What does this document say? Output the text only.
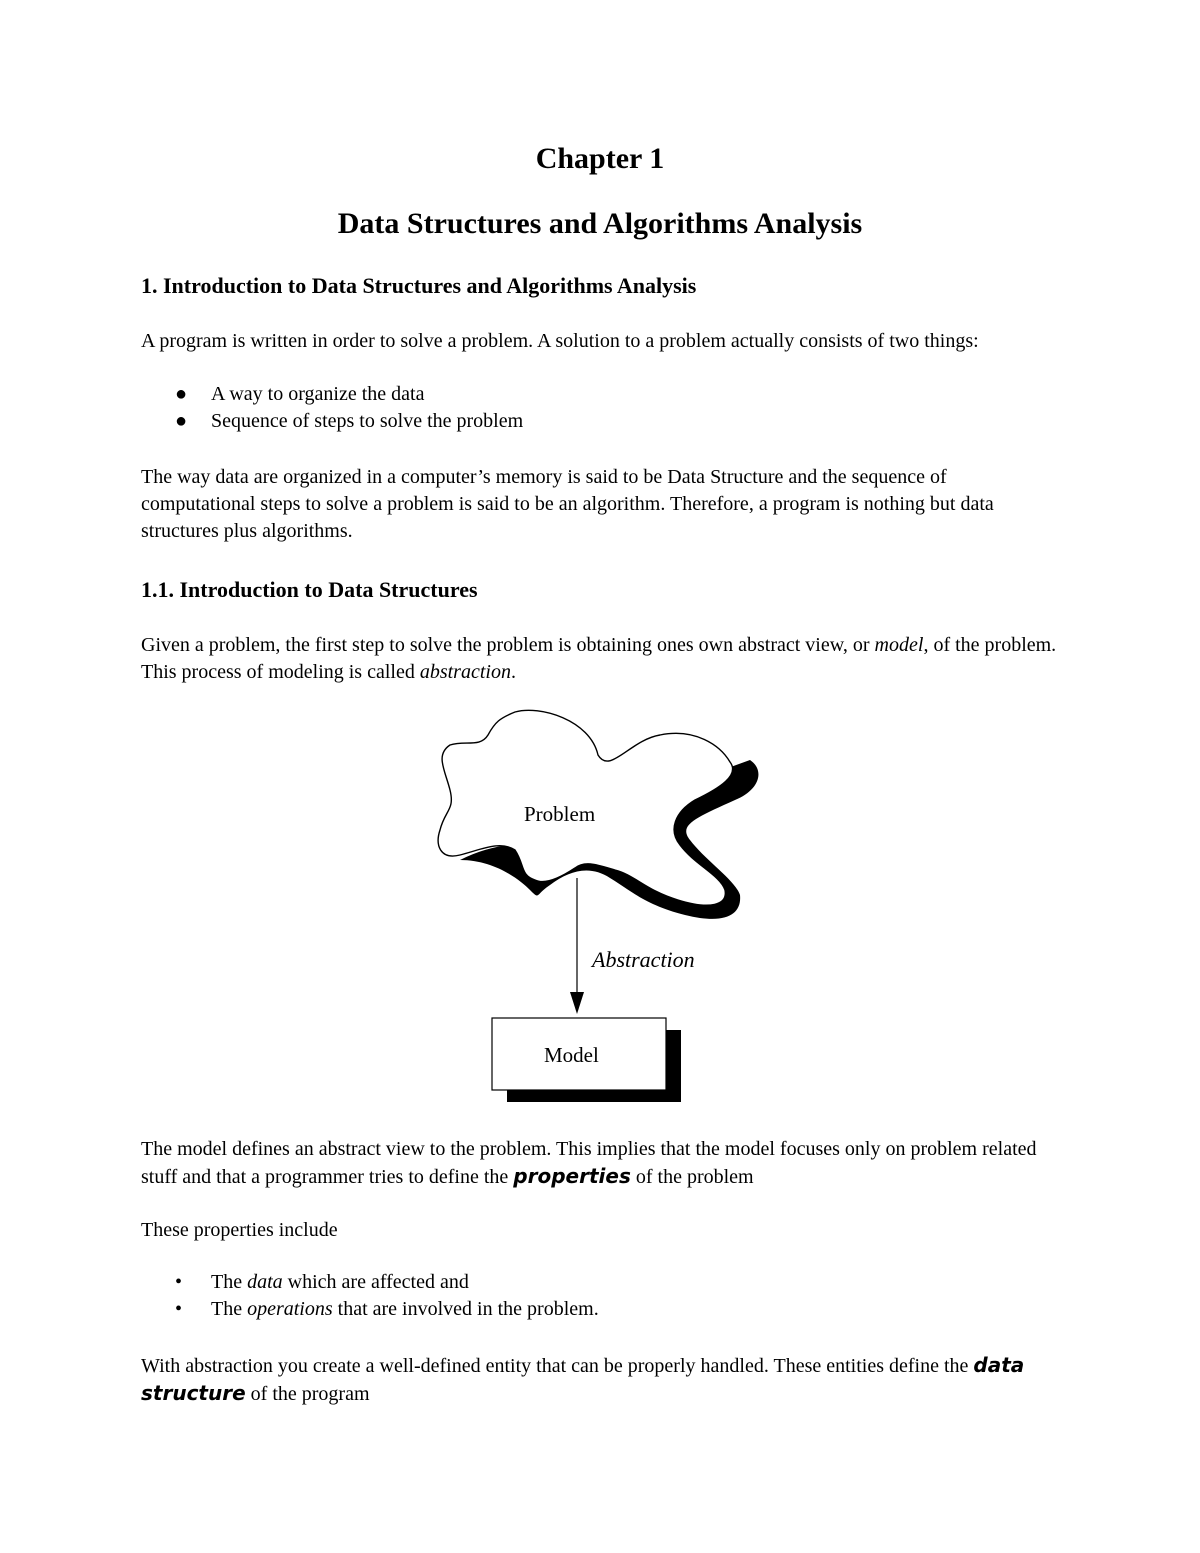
Chapter 1
Data Structures and Algorithms Analysis
1. Introduction to Data Structures and Algorithms Analysis
A program is written in order to solve a problem. A solution to a problem actually consists of two things:
● A way to organize the data
● Sequence of steps to solve the problem
The way data are organized in a computer’s memory is said to be Data Structure and the sequence of computational steps to solve a problem is said to be an algorithm. Therefore, a program is nothing but data structures plus algorithms.
1.1. Introduction to Data Structures
Given a problem, the first step to solve the problem is obtaining ones own abstract view, or model, of the problem. This process of modeling is called abstraction.
Problem
Abstraction
Model
The model defines an abstract view to the problem. This implies that the model focuses only on problem related stuff and that a programmer tries to define the properties of the problem
These properties include
• The data which are affected and
• The operations that are involved in the problem.
With abstraction you create a well-defined entity that can be properly handled. These entities define the data structure of the program
